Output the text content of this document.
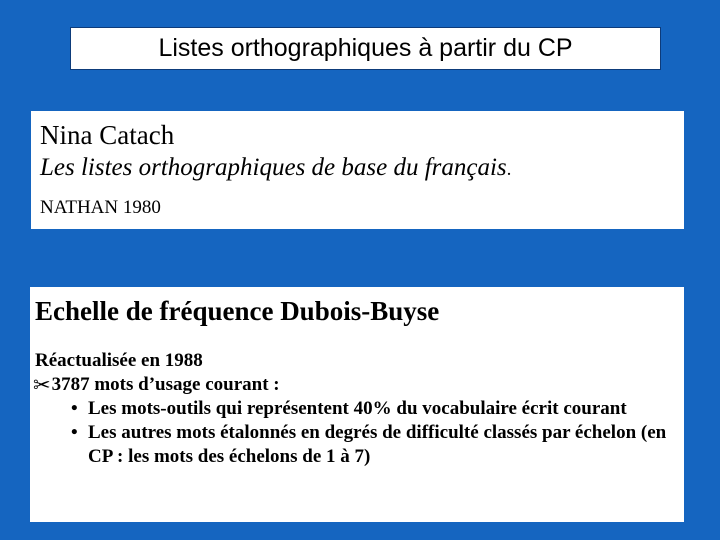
Listes orthographiques à partir du CP
Nina Catach
Les listes orthographiques de base du français.
NATHAN 1980
Echelle de fréquence Dubois-Buyse
Réactualisée en 1988
✂ 3787 mots d’usage courant :
• Les mots-outils qui représentent 40% du vocabulaire écrit courant
• Les autres mots étalonnés en degrés de difficulté classés par échelon (en CP : les mots des échelons de 1 à 7)
